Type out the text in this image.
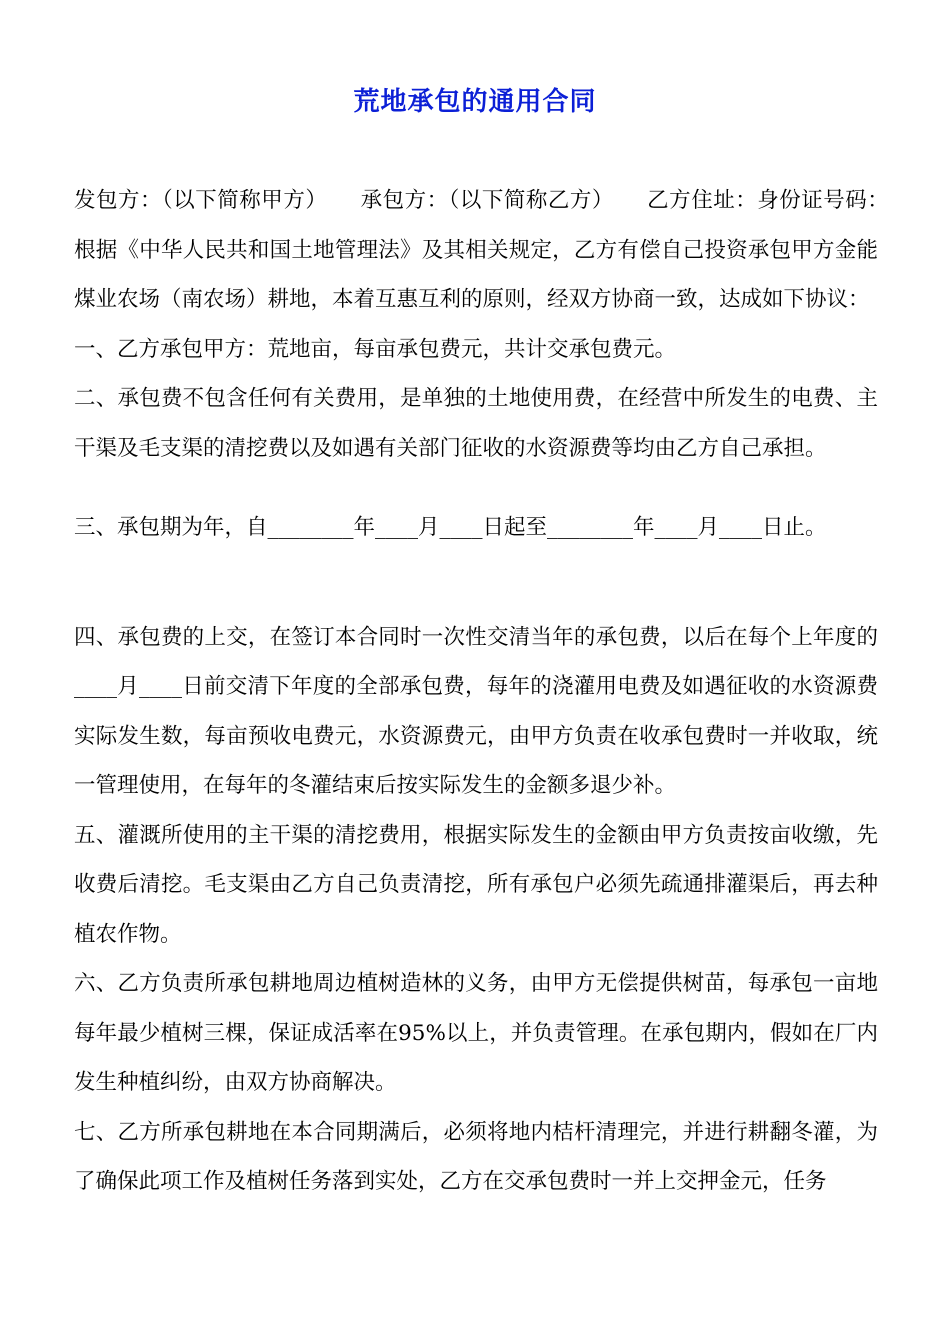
荒地承包的通用合同

发包方：（以下简称甲方）　　承包方：（以下简称乙方）　　乙方住址：身份证号码：　　根据《中华人民共和国土地管理法》及其相关规定，乙方有偿自己投资承包甲方金能煤业农场（南农场）耕地，本着互惠互利的原则，经双方协商一致，达成如下协议：

一、乙方承包甲方：荒地亩，每亩承包费元，共计交承包费元。

二、承包费不包含任何有关费用，是单独的土地使用费，在经营中所发生的电费、主干渠及毛支渠的清挖费以及如遇有关部门征收的水资源费等均由乙方自己承担。

三、承包期为年，自________年____月____日起至________年____月____日止。

四、承包费的上交，在签订本合同时一次性交清当年的承包费，以后在每个上年度的____月____日前交清下年度的全部承包费，每年的浇灌用电费及如遇征收的水资源费实际发生数，每亩预收电费元，水资源费元，由甲方负责在收承包费时一并收取，统一管理使用，在每年的冬灌结束后按实际发生的金额多退少补。

五、灌溉所使用的主干渠的清挖费用，根据实际发生的金额由甲方负责按亩收缴，先收费后清挖。毛支渠由乙方自己负责清挖，所有承包户必须先疏通排灌渠后，再去种植农作物。

六、乙方负责所承包耕地周边植树造林的义务，由甲方无偿提供树苗，每承包一亩地每年最少植树三棵，保证成活率在95%以上，并负责管理。在承包期内，假如在厂内发生种植纠纷，由双方协商解决。

七、乙方所承包耕地在本合同期满后，必须将地内桔杆清理完，并进行耕翻冬灌，为了确保此项工作及植树任务落到实处，乙方在交承包费时一并上交押金元，任务
